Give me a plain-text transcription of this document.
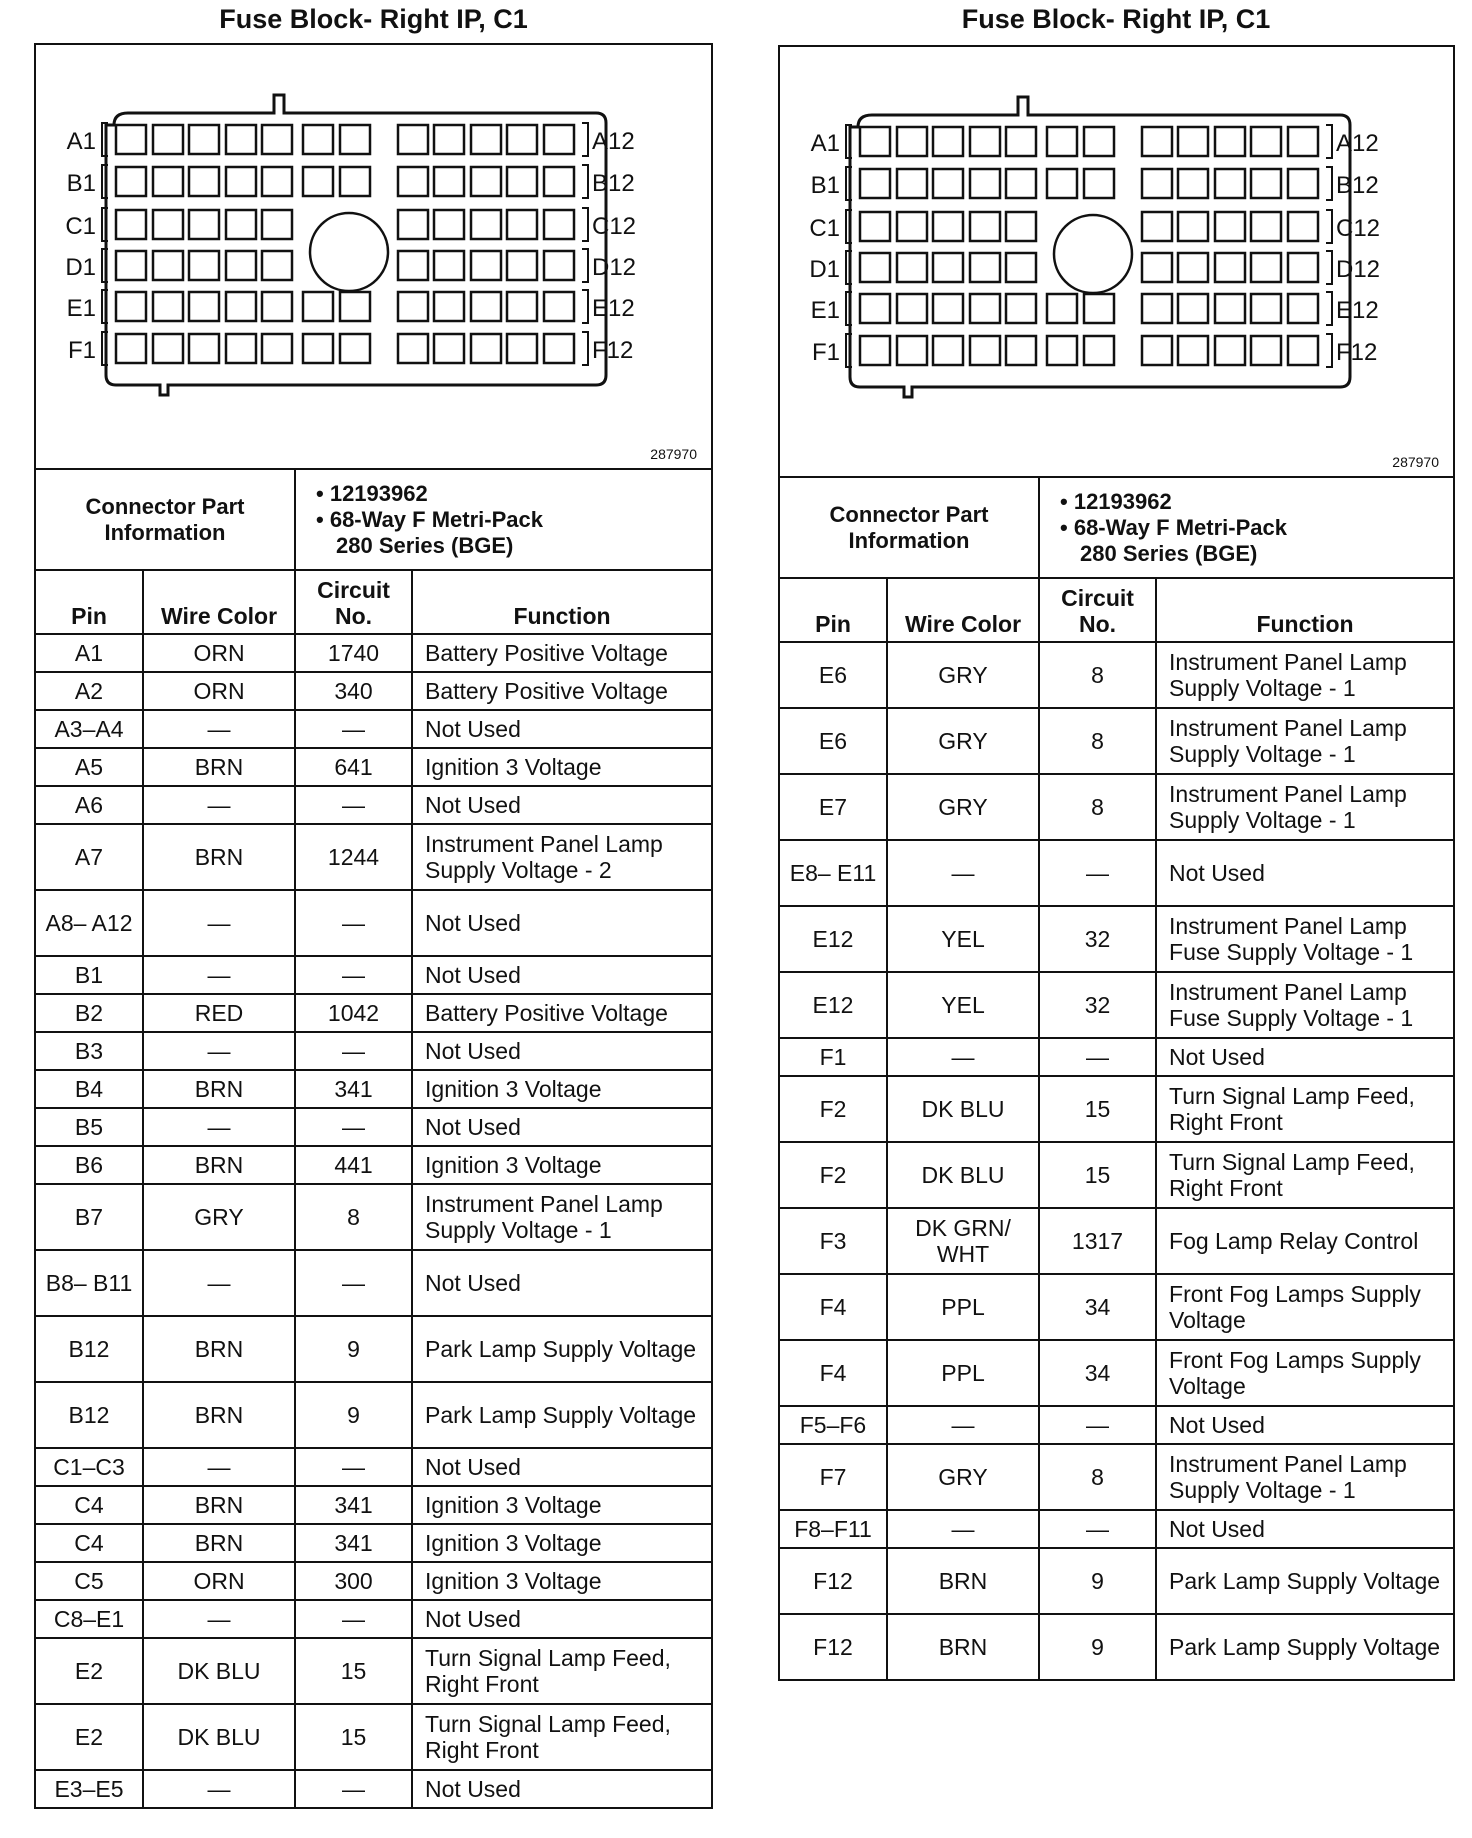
Fuse Block- Right IP, C1
A1	A12
B1	B12
C1	C12
D1	D12
E1	E12
F1	F12
287970
Connector Part Information		• 12193962
• 68-Way F Metri-Pack
280 Series (BGE)	

Pin	Wire Color	Circuit No.	Function
A1	ORN	1740	Battery Positive Voltage
A2	ORN	340	Battery Positive Voltage
A3–A4	—	—	Not Used
A5	BRN	641	Ignition 3 Voltage
A6	—	—	Not Used
A7	BRN	1244	Instrument Panel Lamp Supply Voltage - 2
A8– A12	—	—	Not Used
B1	—	—	Not Used
B2	RED	1042	Battery Positive Voltage
B3	—	—	Not Used
B4	BRN	341	Ignition 3 Voltage
B5	—	—	Not Used
B6	BRN	441	Ignition 3 Voltage
B7	GRY	8	Instrument Panel Lamp Supply Voltage - 1
B8– B11	—	—	Not Used
B12	BRN	9	Park Lamp Supply Voltage
B12	BRN	9	Park Lamp Supply Voltage
C1–C3	—	—	Not Used
C4	BRN	341	Ignition 3 Voltage
C4	BRN	341	Ignition 3 Voltage
C5	ORN	300	Ignition 3 Voltage
C8–E1	—	—	Not Used
E2	DK BLU	15	Turn Signal Lamp Feed, Right Front
E2	DK BLU	15	Turn Signal Lamp Feed, Right Front
E3–E5	—	—	Not Used
Fuse Block- Right IP, C1
A1	A12
B1	B12
C1	C12
D1	D12
E1	E12
F1	F12
287970
Connector Part Information		• 12193962
• 68-Way F Metri-Pack
280 Series (BGE)	

Pin	Wire Color	Circuit No.	Function
E6	GRY	8	Instrument Panel Lamp Supply Voltage - 1
E6	GRY	8	Instrument Panel Lamp Supply Voltage - 1
E7	GRY	8	Instrument Panel Lamp Supply Voltage - 1
E8– E11	—	—	Not Used
E12	YEL	32	Instrument Panel Lamp Fuse Supply Voltage - 1
E12	YEL	32	Instrument Panel Lamp Fuse Supply Voltage - 1
F1	—	—	Not Used
F2	DK BLU	15	Turn Signal Lamp Feed, Right Front
F2	DK BLU	15	Turn Signal Lamp Feed, Right Front
F3	DK GRN/ WHT	1317	Fog Lamp Relay Control
F4	PPL	34	Front Fog Lamps Supply Voltage
F4	PPL	34	Front Fog Lamps Supply Voltage
F5–F6	—	—	Not Used
F7	GRY	8	Instrument Panel Lamp Supply Voltage - 1
F8–F11	—	—	Not Used
F12	BRN	9	Park Lamp Supply Voltage
F12	BRN	9	Park Lamp Supply Voltage
